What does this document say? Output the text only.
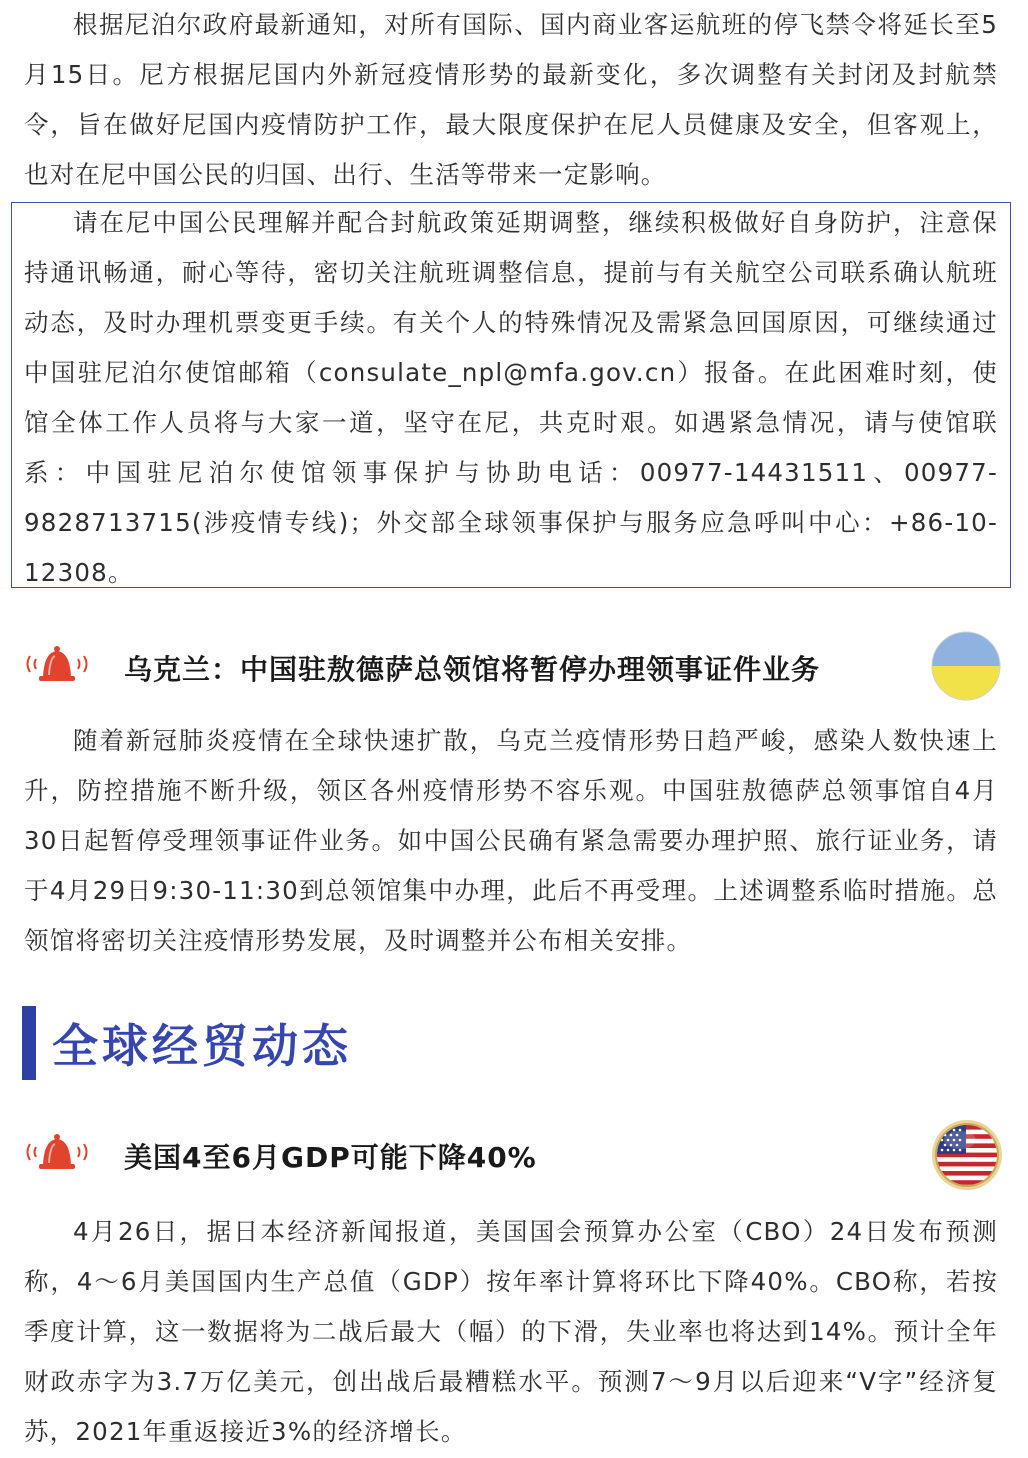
根据尼泊尔政府最新通知，对所有国际、国内商业客运航班的停飞禁令将延长至5月15日。尼方根据尼国内外新冠疫情形势的最新变化，多次调整有关封闭及封航禁令，旨在做好尼国内疫情防护工作，最大限度保护在尼人员健康及安全，但客观上，也对在尼中国公民的归国、出行、生活等带来一定影响。

请在尼中国公民理解并配合封航政策延期调整，继续积极做好自身防护，注意保持通讯畅通，耐心等待，密切关注航班调整信息，提前与有关航空公司联系确认航班动态，及时办理机票变更手续。有关个人的特殊情况及需紧急回国原因，可继续通过中国驻尼泊尔使馆邮箱（consulate_npl@mfa.gov.cn）报备。在此困难时刻，使馆全体工作人员将与大家一道，坚守在尼，共克时艰。如遇紧急情况，请与使馆联系：中国驻尼泊尔使馆领事保护与协助电话：00977-14431511、00977-9828713715(涉疫情专线)；外交部全球领事保护与服务应急呼叫中心：+86-10-12308。

乌克兰：中国驻敖德萨总领馆将暂停办理领事证件业务

随着新冠肺炎疫情在全球快速扩散，乌克兰疫情形势日趋严峻，感染人数快速上升，防控措施不断升级，领区各州疫情形势不容乐观。中国驻敖德萨总领事馆自4月30日起暂停受理领事证件业务。如中国公民确有紧急需要办理护照、旅行证业务，请于4月29日9:30-11:30到总领馆集中办理，此后不再受理。上述调整系临时措施。总领馆将密切关注疫情形势发展，及时调整并公布相关安排。

全球经贸动态
美国4至6月GDP可能下降40%

4月26日，据日本经济新闻报道，美国国会预算办公室（CBO）24日发布预测称，4～6月美国国内生产总值（GDP）按年率计算将环比下降40%。CBO称，若按季度计算，这一数据将为二战后最大（幅）的下滑，失业率也将达到14%。预计全年财政赤字为3.7万亿美元，创出战后最糟糕水平。预测7～9月以后迎来“V字”经济复苏，2021年重返接近3%的经济增长。
